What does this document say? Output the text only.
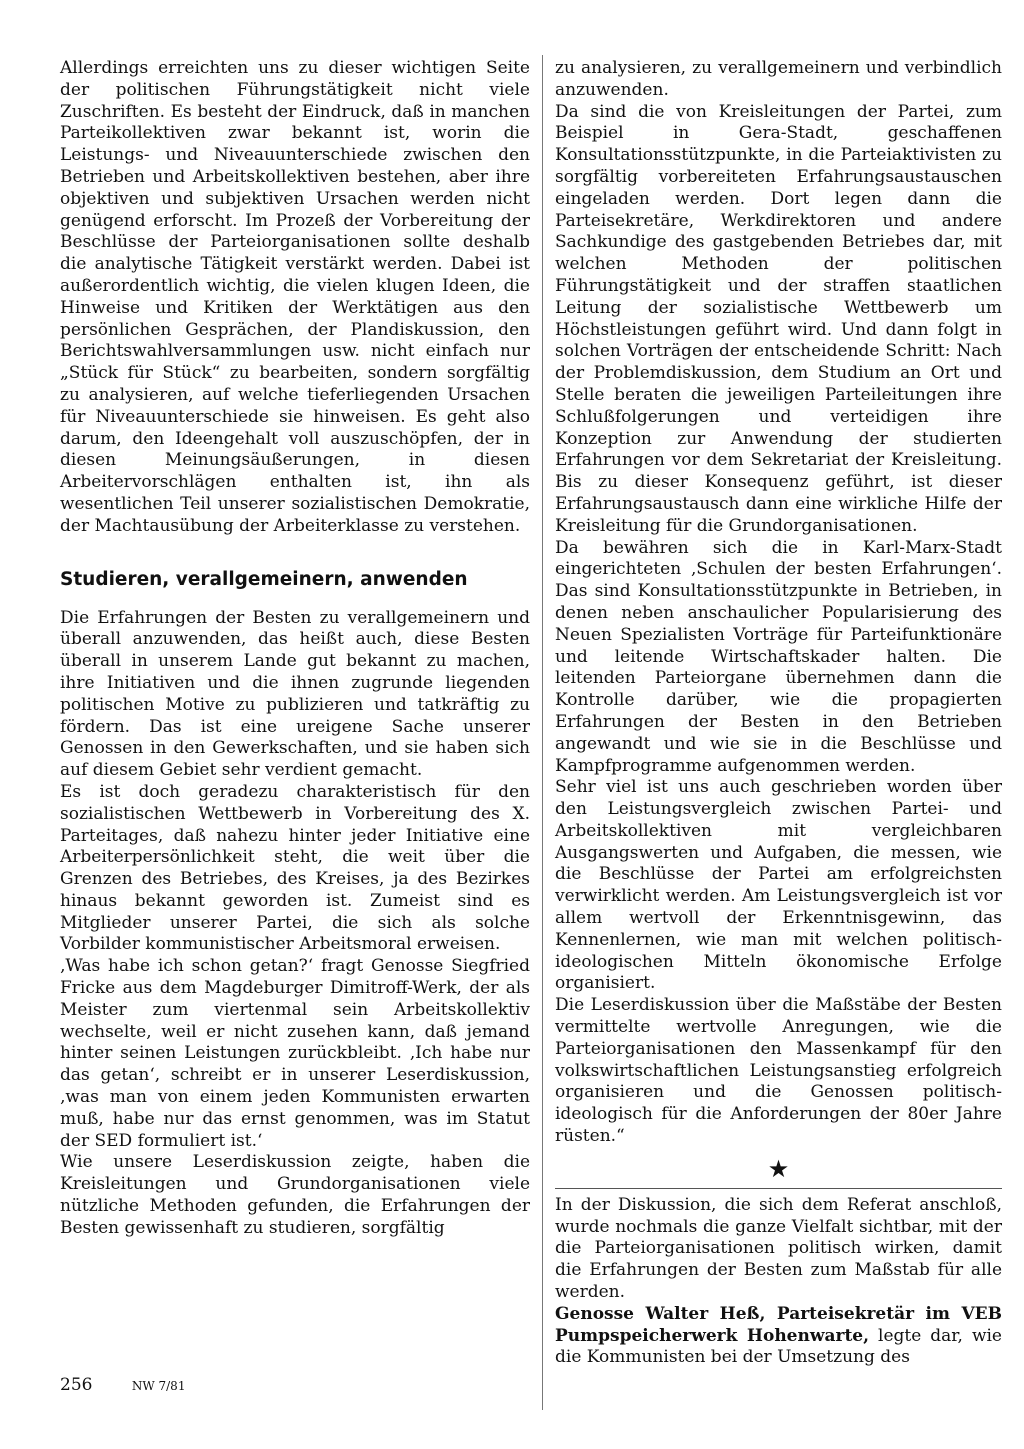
Allerdings erreichten uns zu dieser wichtigen Seite der politischen Führungstätigkeit nicht viele Zuschriften. Es besteht der Eindruck, daß in manchen Parteikollektiven zwar bekannt ist, worin die Leistungs- und Niveauunterschiede zwischen den Betrieben und Arbeitskollektiven bestehen, aber ihre objektiven und subjektiven Ursachen werden nicht genügend erforscht. Im Prozeß der Vorbereitung der Beschlüsse der Parteiorganisationen sollte deshalb die analytische Tätigkeit verstärkt werden. Dabei ist außerordentlich wichtig, die vielen klugen Ideen, die Hinweise und Kritiken der Werktätigen aus den persönlichen Gesprächen, der Plandiskussion, den Berichtswahlversammlungen usw. nicht einfach nur „Stück für Stück“ zu bearbeiten, sondern sorgfältig zu analysieren, auf welche tieferliegenden Ursachen für Niveauunterschiede sie hinweisen. Es geht also darum, den Ideengehalt voll auszuschöpfen, der in diesen Meinungsäußerungen, in diesen Arbeitervorschlägen enthalten ist, ihn als wesentlichen Teil unserer sozialistischen Demokratie, der Machtausübung der Arbeiterklasse zu verstehen.

Studieren, verallgemeinern, anwenden

Die Erfahrungen der Besten zu verallgemeinern und überall anzuwenden, das heißt auch, diese Besten überall in unserem Lande gut bekannt zu machen, ihre Initiativen und die ihnen zugrunde liegenden politischen Motive zu publizieren und tatkräftig zu fördern. Das ist eine ureigene Sache unserer Genossen in den Gewerkschaften, und sie haben sich auf diesem Gebiet sehr verdient gemacht.

Es ist doch geradezu charakteristisch für den sozialistischen Wettbewerb in Vorbereitung des X. Parteitages, daß nahezu hinter jeder Initiative eine Arbeiterpersönlichkeit steht, die weit über die Grenzen des Betriebes, des Kreises, ja des Bezirkes hinaus bekannt geworden ist. Zumeist sind es Mitglieder unserer Partei, die sich als solche Vorbilder kommunistischer Arbeitsmoral erweisen.

‚Was habe ich schon getan?‘ fragt Genosse Siegfried Fricke aus dem Magdeburger Dimitroff-Werk, der als Meister zum viertenmal sein Arbeitskollektiv wechselte, weil er nicht zusehen kann, daß jemand hinter seinen Leistungen zurückbleibt. ‚Ich habe nur das getan‘, schreibt er in unserer Leserdiskussion, ‚was man von einem jeden Kommunisten erwarten muß, habe nur das ernst genommen, was im Statut der SED formuliert ist.‘

Wie unsere Leserdiskussion zeigte, haben die Kreisleitungen und Grundorganisationen viele nützliche Methoden gefunden, die Erfahrungen der Besten gewissenhaft zu studieren, sorgfältig

zu analysieren, zu verallgemeinern und verbindlich anzuwenden.

Da sind die von Kreisleitungen der Partei, zum Beispiel in Gera-Stadt, geschaffenen Konsultationsstützpunkte, in die Parteiaktivisten zu sorgfältig vorbereiteten Erfahrungsaustauschen eingeladen werden. Dort legen dann die Parteisekretäre, Werkdirektoren und andere Sachkundige des gastgebenden Betriebes dar, mit welchen Methoden der politischen Führungstätigkeit und der straffen staatlichen Leitung der sozialistische Wettbewerb um Höchstleistungen geführt wird. Und dann folgt in solchen Vorträgen der entscheidende Schritt: Nach der Problemdiskussion, dem Studium an Ort und Stelle beraten die jeweiligen Parteileitungen ihre Schlußfolgerungen und verteidigen ihre Konzeption zur Anwendung der studierten Erfahrungen vor dem Sekretariat der Kreisleitung. Bis zu dieser Konsequenz geführt, ist dieser Erfahrungsaustausch dann eine wirkliche Hilfe der Kreisleitung für die Grundorganisationen.

Da bewähren sich die in Karl-Marx-Stadt eingerichteten ‚Schulen der besten Erfahrungen‘. Das sind Konsultationsstützpunkte in Betrieben, in denen neben anschaulicher Popularisierung des Neuen Spezialisten Vorträge für Parteifunktionäre und leitende Wirtschaftskader halten. Die leitenden Parteiorgane übernehmen dann die Kontrolle darüber, wie die propagierten Erfahrungen der Besten in den Betrieben angewandt und wie sie in die Beschlüsse und Kampfprogramme aufgenommen werden.

Sehr viel ist uns auch geschrieben worden über den Leistungsvergleich zwischen Partei- und Arbeitskollektiven mit vergleichbaren Ausgangswerten und Aufgaben, die messen, wie die Beschlüsse der Partei am erfolgreichsten verwirklicht werden. Am Leistungsvergleich ist vor allem wertvoll der Erkenntnisgewinn, das Kennenlernen, wie man mit welchen politisch-ideologischen Mitteln ökonomische Erfolge organisiert.

Die Leserdiskussion über die Maßstäbe der Besten vermittelte wertvolle Anregungen, wie die Parteiorganisationen den Massenkampf für den volkswirtschaftlichen Leistungsanstieg erfolgreich organisieren und die Genossen politisch-ideologisch für die Anforderungen der 80er Jahre rüsten.“

★

In der Diskussion, die sich dem Referat anschloß, wurde nochmals die ganze Vielfalt sichtbar, mit der die Parteiorganisationen politisch wirken, damit die Erfahrungen der Besten zum Maßstab für alle werden.

Genosse Walter Heß, Parteisekretär im VEB Pumpspeicherwerk Hohenwarte, legte dar, wie die Kommunisten bei der Umsetzung des

256	NW 7/81
